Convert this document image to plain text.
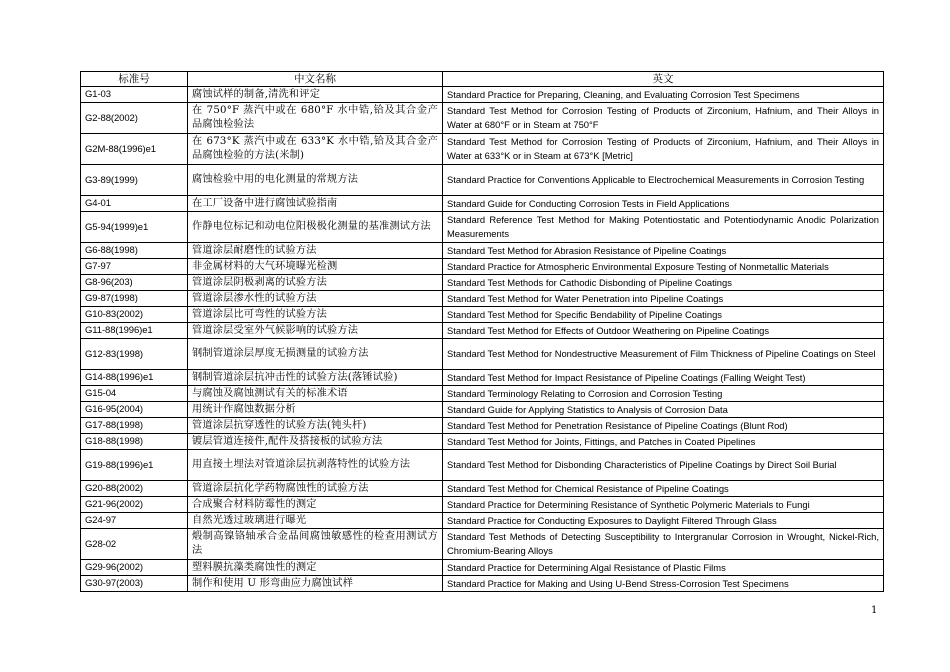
标准号	中文名称	英文
G1-03	腐蚀试样的制备,清洗和评定	Standard Practice for Preparing, Cleaning, and Evaluating Corrosion Test Specimens
G2-88(2002)	在 750°F 蒸汽中或在 680°F 水中锆,铪及其合金产品腐蚀检验法	Standard Test Method for Corrosion Testing of Products of Zirconium, Hafnium, and Their Alloys in Water at 680°F or in Steam at 750°F
G2M-88(1996)e1	在 673°K 蒸汽中或在 633°K 水中锆,铪及其合金产品腐蚀检验的方法(米制)	Standard Test Method for Corrosion Testing of Products of Zirconium, Hafnium, and Their Alloys in Water at 633°K or in Steam at 673°K [Metric]
G3-89(1999)	腐蚀检验中用的电化测量的常规方法	Standard Practice for Conventions Applicable to Electrochemical Measurements in Corrosion Testing
G4-01	在工厂设备中进行腐蚀试验指南	Standard Guide for Conducting Corrosion Tests in Field Applications
G5-94(1999)e1	作静电位标记和动电位阳极极化测量的基准测试方法	Standard Reference Test Method for Making Potentiostatic and Potentiodynamic Anodic Polarization Measurements
G6-88(1998)	管道涂层耐磨性的试验方法	Standard Test Method for Abrasion Resistance of Pipeline Coatings
G7-97	非金属材料的大气环境曝光检测	Standard Practice for Atmospheric Environmental Exposure Testing of Nonmetallic Materials
G8-96(203)	管道涂层阴极剥离的试验方法	Standard Test Methods for Cathodic Disbonding of Pipeline Coatings
G9-87(1998)	管道涂层渗水性的试验方法	Standard Test Method for Water Penetration into Pipeline Coatings
G10-83(2002)	管道涂层比可弯性的试验方法	Standard Test Method for Specific Bendability of Pipeline Coatings
G11-88(1996)e1	管道涂层受室外气候影响的试验方法	Standard Test Method for Effects of Outdoor Weathering on Pipeline Coatings
G12-83(1998)	钢制管道涂层厚度无损测量的试验方法	Standard Test Method for Nondestructive Measurement of Film Thickness of Pipeline Coatings on Steel
G14-88(1996)e1	钢制管道涂层抗冲击性的试验方法(落锤试验)	Standard Test Method for Impact Resistance of Pipeline Coatings (Falling Weight Test)
G15-04	与腐蚀及腐蚀测试有关的标准术语	Standard Terminology Relating to Corrosion and Corrosion Testing
G16-95(2004)	用统计作腐蚀数据分析	Standard Guide for Applying Statistics to Analysis of Corrosion Data
G17-88(1998)	管道涂层抗穿透性的试验方法(钝头杆)	Standard Test Method for Penetration Resistance of Pipeline Coatings (Blunt Rod)
G18-88(1998)	镀层管道连接件,配件及搭接板的试验方法	Standard Test Method for Joints, Fittings, and Patches in Coated Pipelines
G19-88(1996)e1	用直接土埋法对管道涂层抗剥落特性的试验方法	Standard Test Method for Disbonding Characteristics of Pipeline Coatings by Direct Soil Burial
G20-88(2002)	管道涂层抗化学药物腐蚀性的试验方法	Standard Test Method for Chemical Resistance of Pipeline Coatings
G21-96(2002)	合成聚合材料防霉性的测定	Standard Practice for Determining Resistance of Synthetic Polymeric Materials to Fungi
G24-97	自然光透过玻璃进行曝光	Standard Practice for Conducting Exposures to Daylight Filtered Through Glass
G28-02	煅制高镍铬轴承合金晶间腐蚀敏感性的检查用测试方法	Standard Test Methods of Detecting Susceptibility to Intergranular Corrosion in Wrought, Nickel-Rich, Chromium-Bearing Alloys
G29-96(2002)	塑料膜抗藻类腐蚀性的测定	Standard Practice for Determining Algal Resistance of Plastic Films
G30-97(2003)	制作和使用 U 形弯曲应力腐蚀试样	Standard Practice for Making and Using U-Bend Stress-Corrosion Test Specimens
1
